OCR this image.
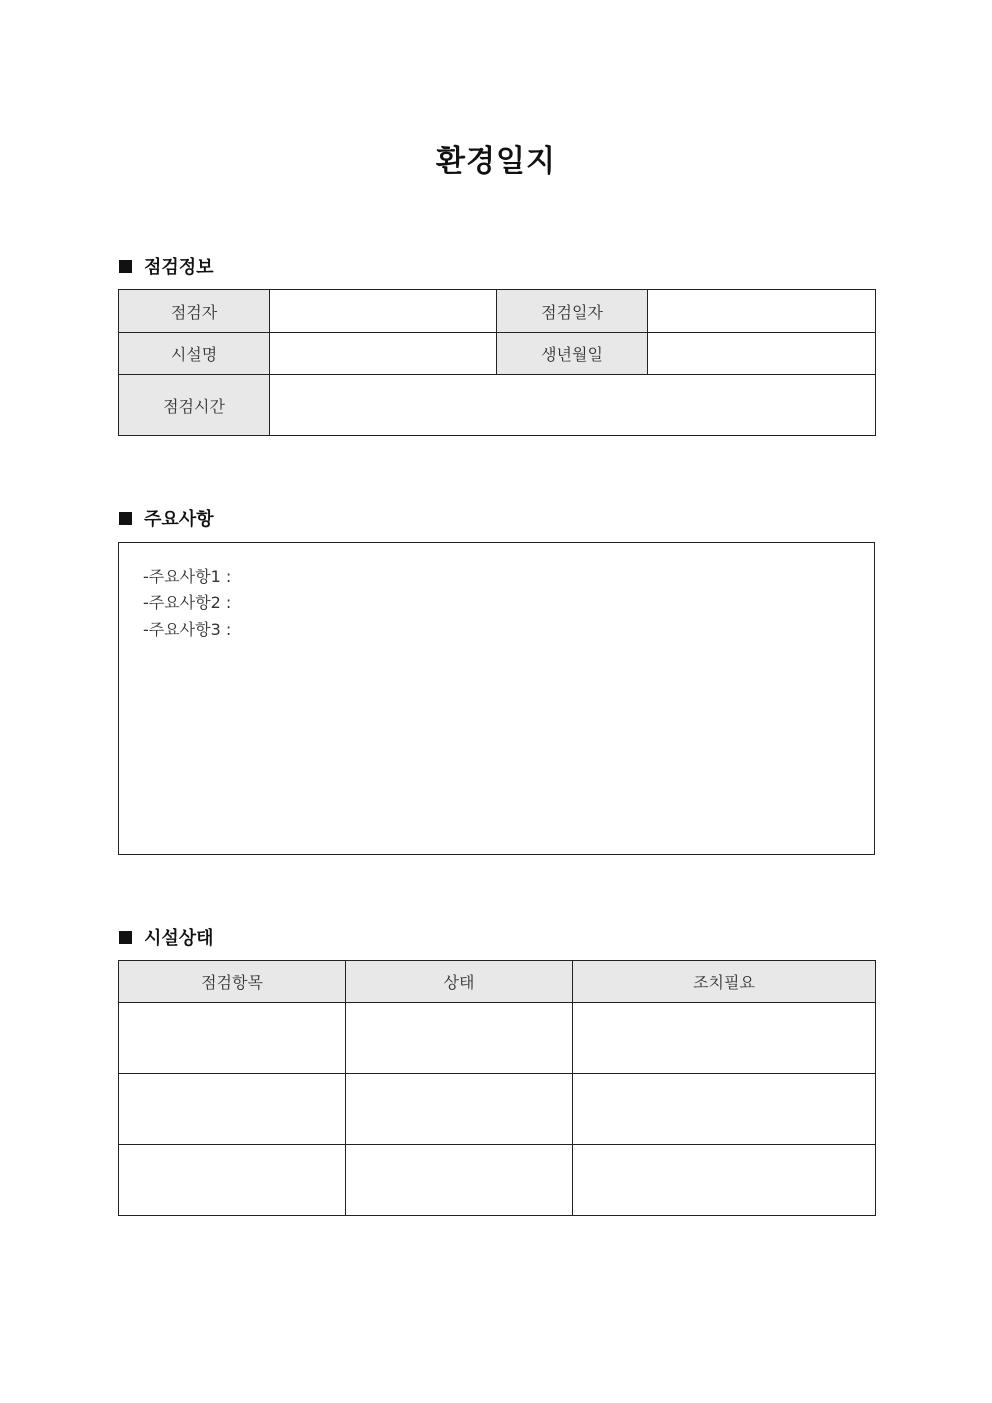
환경일지
점검정보
점검자		점검일자	
시설명		생년월일	
점검시간			
주요사항
-주요사항1 :
-주요사항2 :
-주요사항3 :
시설상태
점검항목	상태	조치필요
